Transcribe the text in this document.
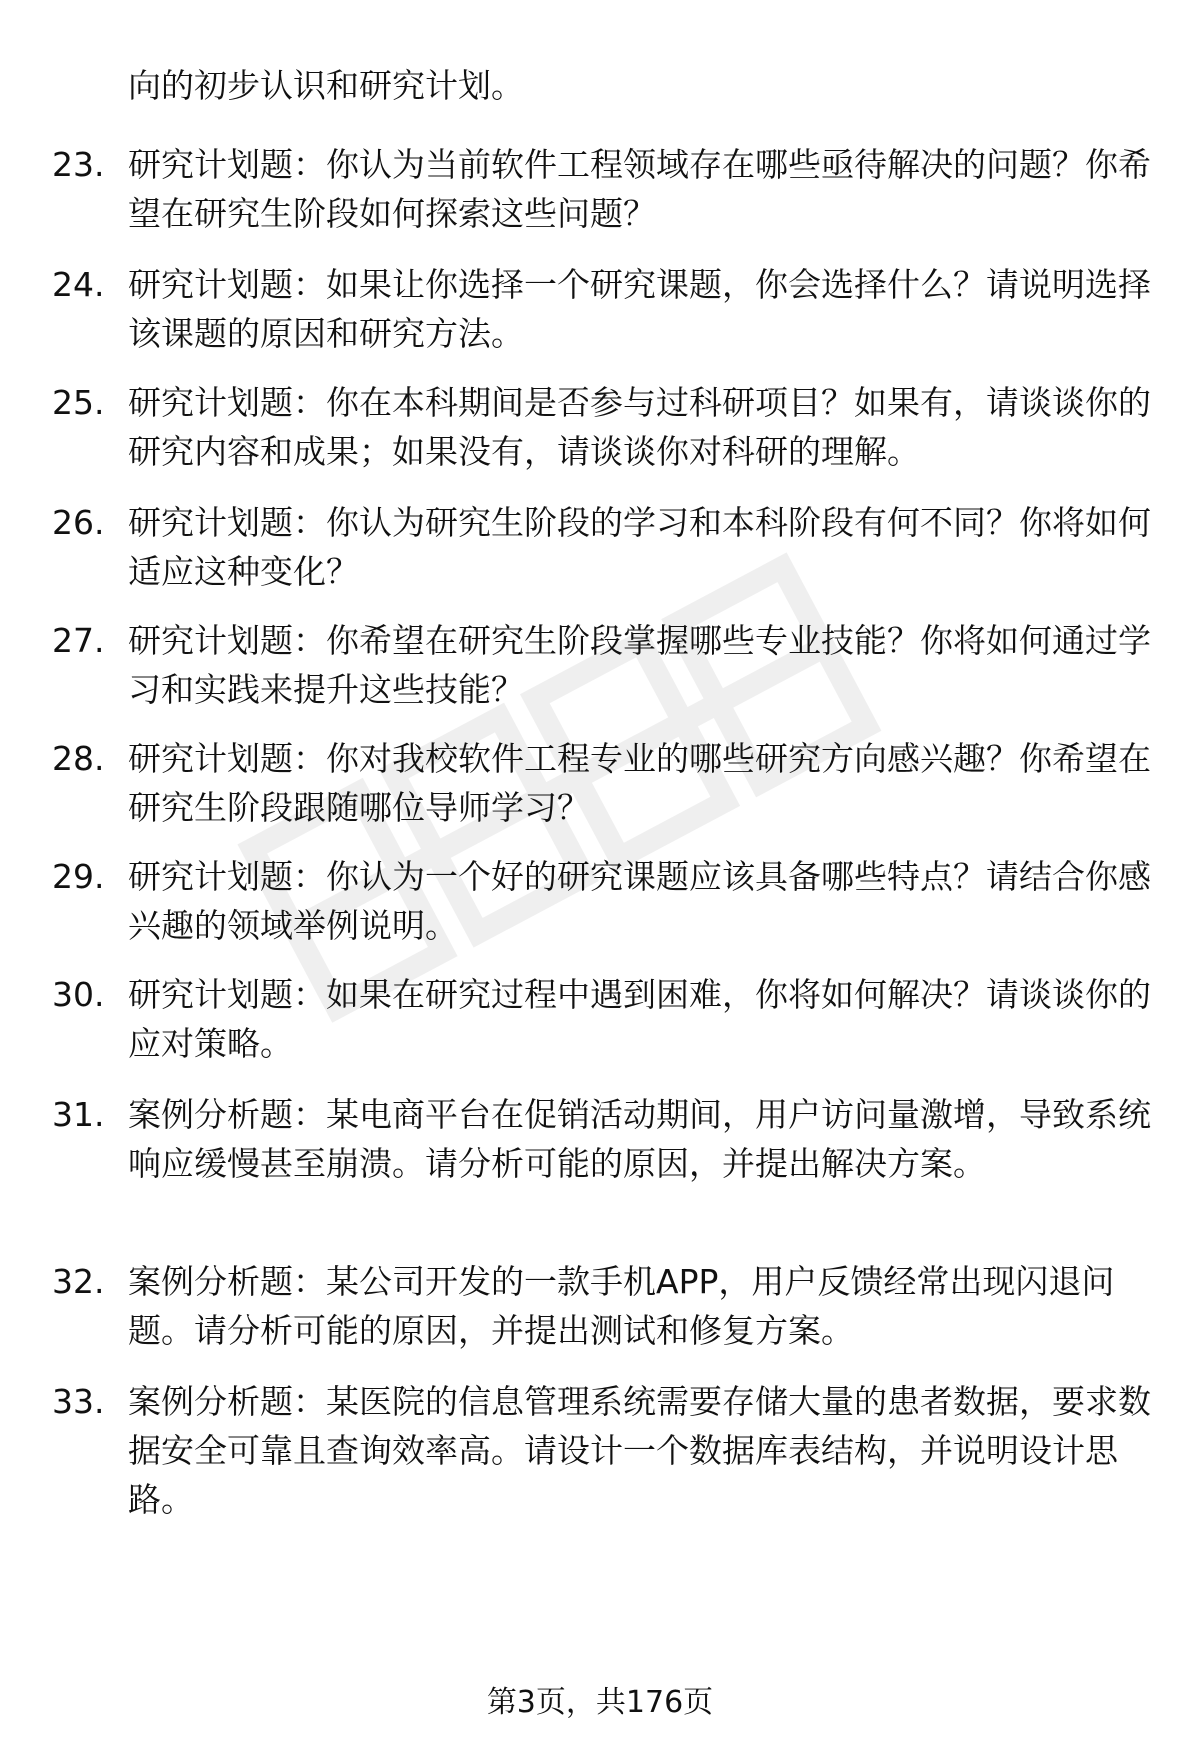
向的初步认识和研究计划。
23. 研究计划题：你认为当前软件工程领域存在哪些亟待解决的问题？你希望在研究生阶段如何探索这些问题？
24. 研究计划题：如果让你选择一个研究课题，你会选择什么？请说明选择该课题的原因和研究方法。
25. 研究计划题：你在本科期间是否参与过科研项目？如果有，请谈谈你的研究内容和成果；如果没有，请谈谈你对科研的理解。
26. 研究计划题：你认为研究生阶段的学习和本科阶段有何不同？你将如何适应这种变化？
27. 研究计划题：你希望在研究生阶段掌握哪些专业技能？你将如何通过学习和实践来提升这些技能？
28. 研究计划题：你对我校软件工程专业的哪些研究方向感兴趣？你希望在研究生阶段跟随哪位导师学习？
29. 研究计划题：你认为一个好的研究课题应该具备哪些特点？请结合你感兴趣的领域举例说明。
30. 研究计划题：如果在研究过程中遇到困难，你将如何解决？请谈谈你的应对策略。
31. 案例分析题：某电商平台在促销活动期间，用户访问量激增，导致系统响应缓慢甚至崩溃。请分析可能的原因，并提出解决方案。
32. 案例分析题：某公司开发的一款手机APP，用户反馈经常出现闪退问题。请分析可能的原因，并提出测试和修复方案。
33. 案例分析题：某医院的信息管理系统需要存储大量的患者数据，要求数据安全可靠且查询效率高。请设计一个数据库表结构，并说明设计思路。
第3页，共176页
